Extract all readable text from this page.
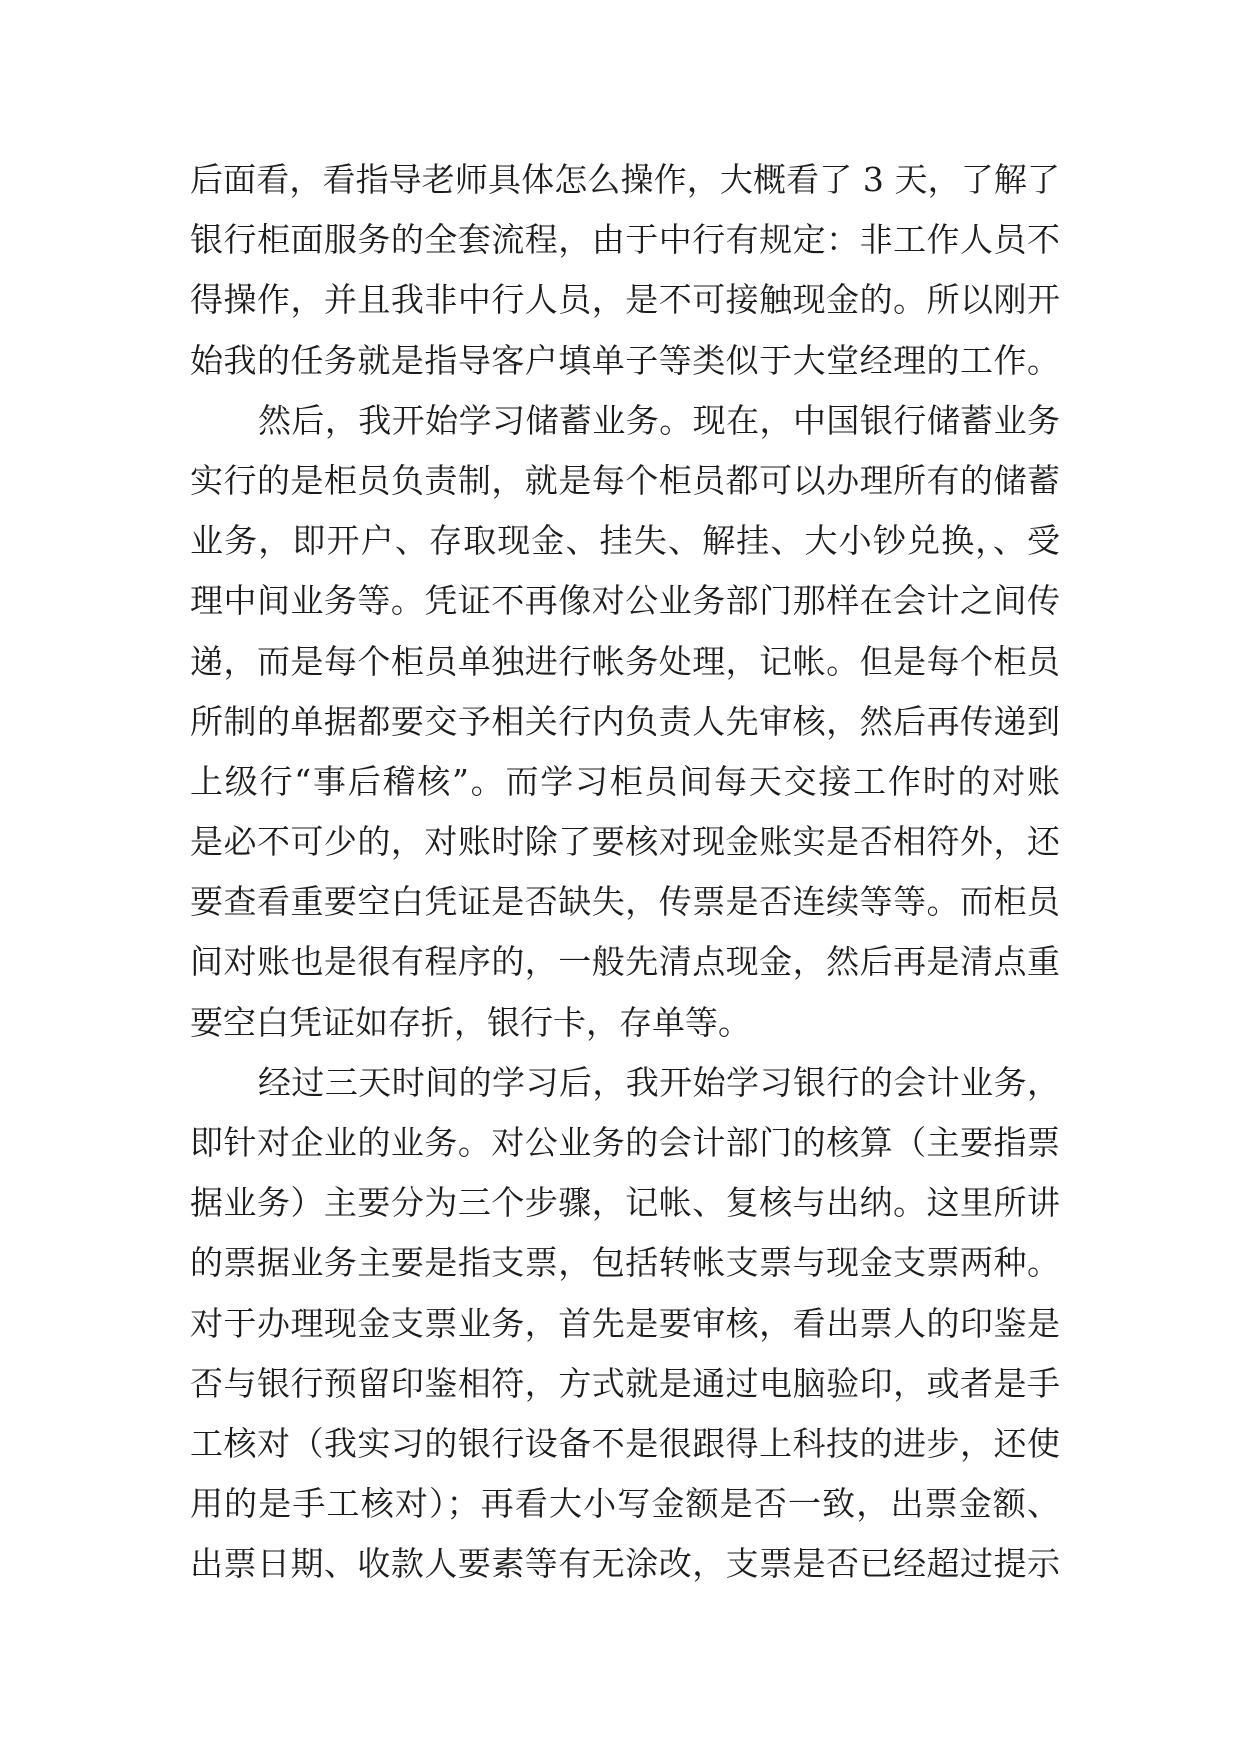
后面看，看指导老师具体怎么操作，大概看了 3 天，了解了
银行柜面服务的全套流程，由于中行有规定：非工作人员不
得操作，并且我非中行人员，是不可接触现金的。所以刚开
始我的任务就是指导客户填单子等类似于大堂经理的工作。
然后，我开始学习储蓄业务。现在，中国银行储蓄业务
实行的是柜员负责制，就是每个柜员都可以办理所有的储蓄
业务，即开户、存取现金、挂失、解挂、大小钞兑换，、受
理中间业务等。凭证不再像对公业务部门那样在会计之间传
递，而是每个柜员单独进行帐务处理，记帐。但是每个柜员
所制的单据都要交予相关行内负责人先审核，然后再传递到
上级行“事后稽核”。而学习柜员间每天交接工作时的对账
是必不可少的，对账时除了要核对现金账实是否相符外，还
要查看重要空白凭证是否缺失，传票是否连续等等。而柜员
间对账也是很有程序的，一般先清点现金，然后再是清点重
要空白凭证如存折，银行卡，存单等。
经过三天时间的学习后，我开始学习银行的会计业务，
即针对企业的业务。对公业务的会计部门的核算（主要指票
据业务）主要分为三个步骤，记帐、复核与出纳。这里所讲
的票据业务主要是指支票，包括转帐支票与现金支票两种。
对于办理现金支票业务，首先是要审核，看出票人的印鉴是
否与银行预留印鉴相符，方式就是通过电脑验印，或者是手
工核对（我实习的银行设备不是很跟得上科技的进步，还使
用的是手工核对）；再看大小写金额是否一致，出票金额、
出票日期、收款人要素等有无涂改，支票是否已经超过提示
